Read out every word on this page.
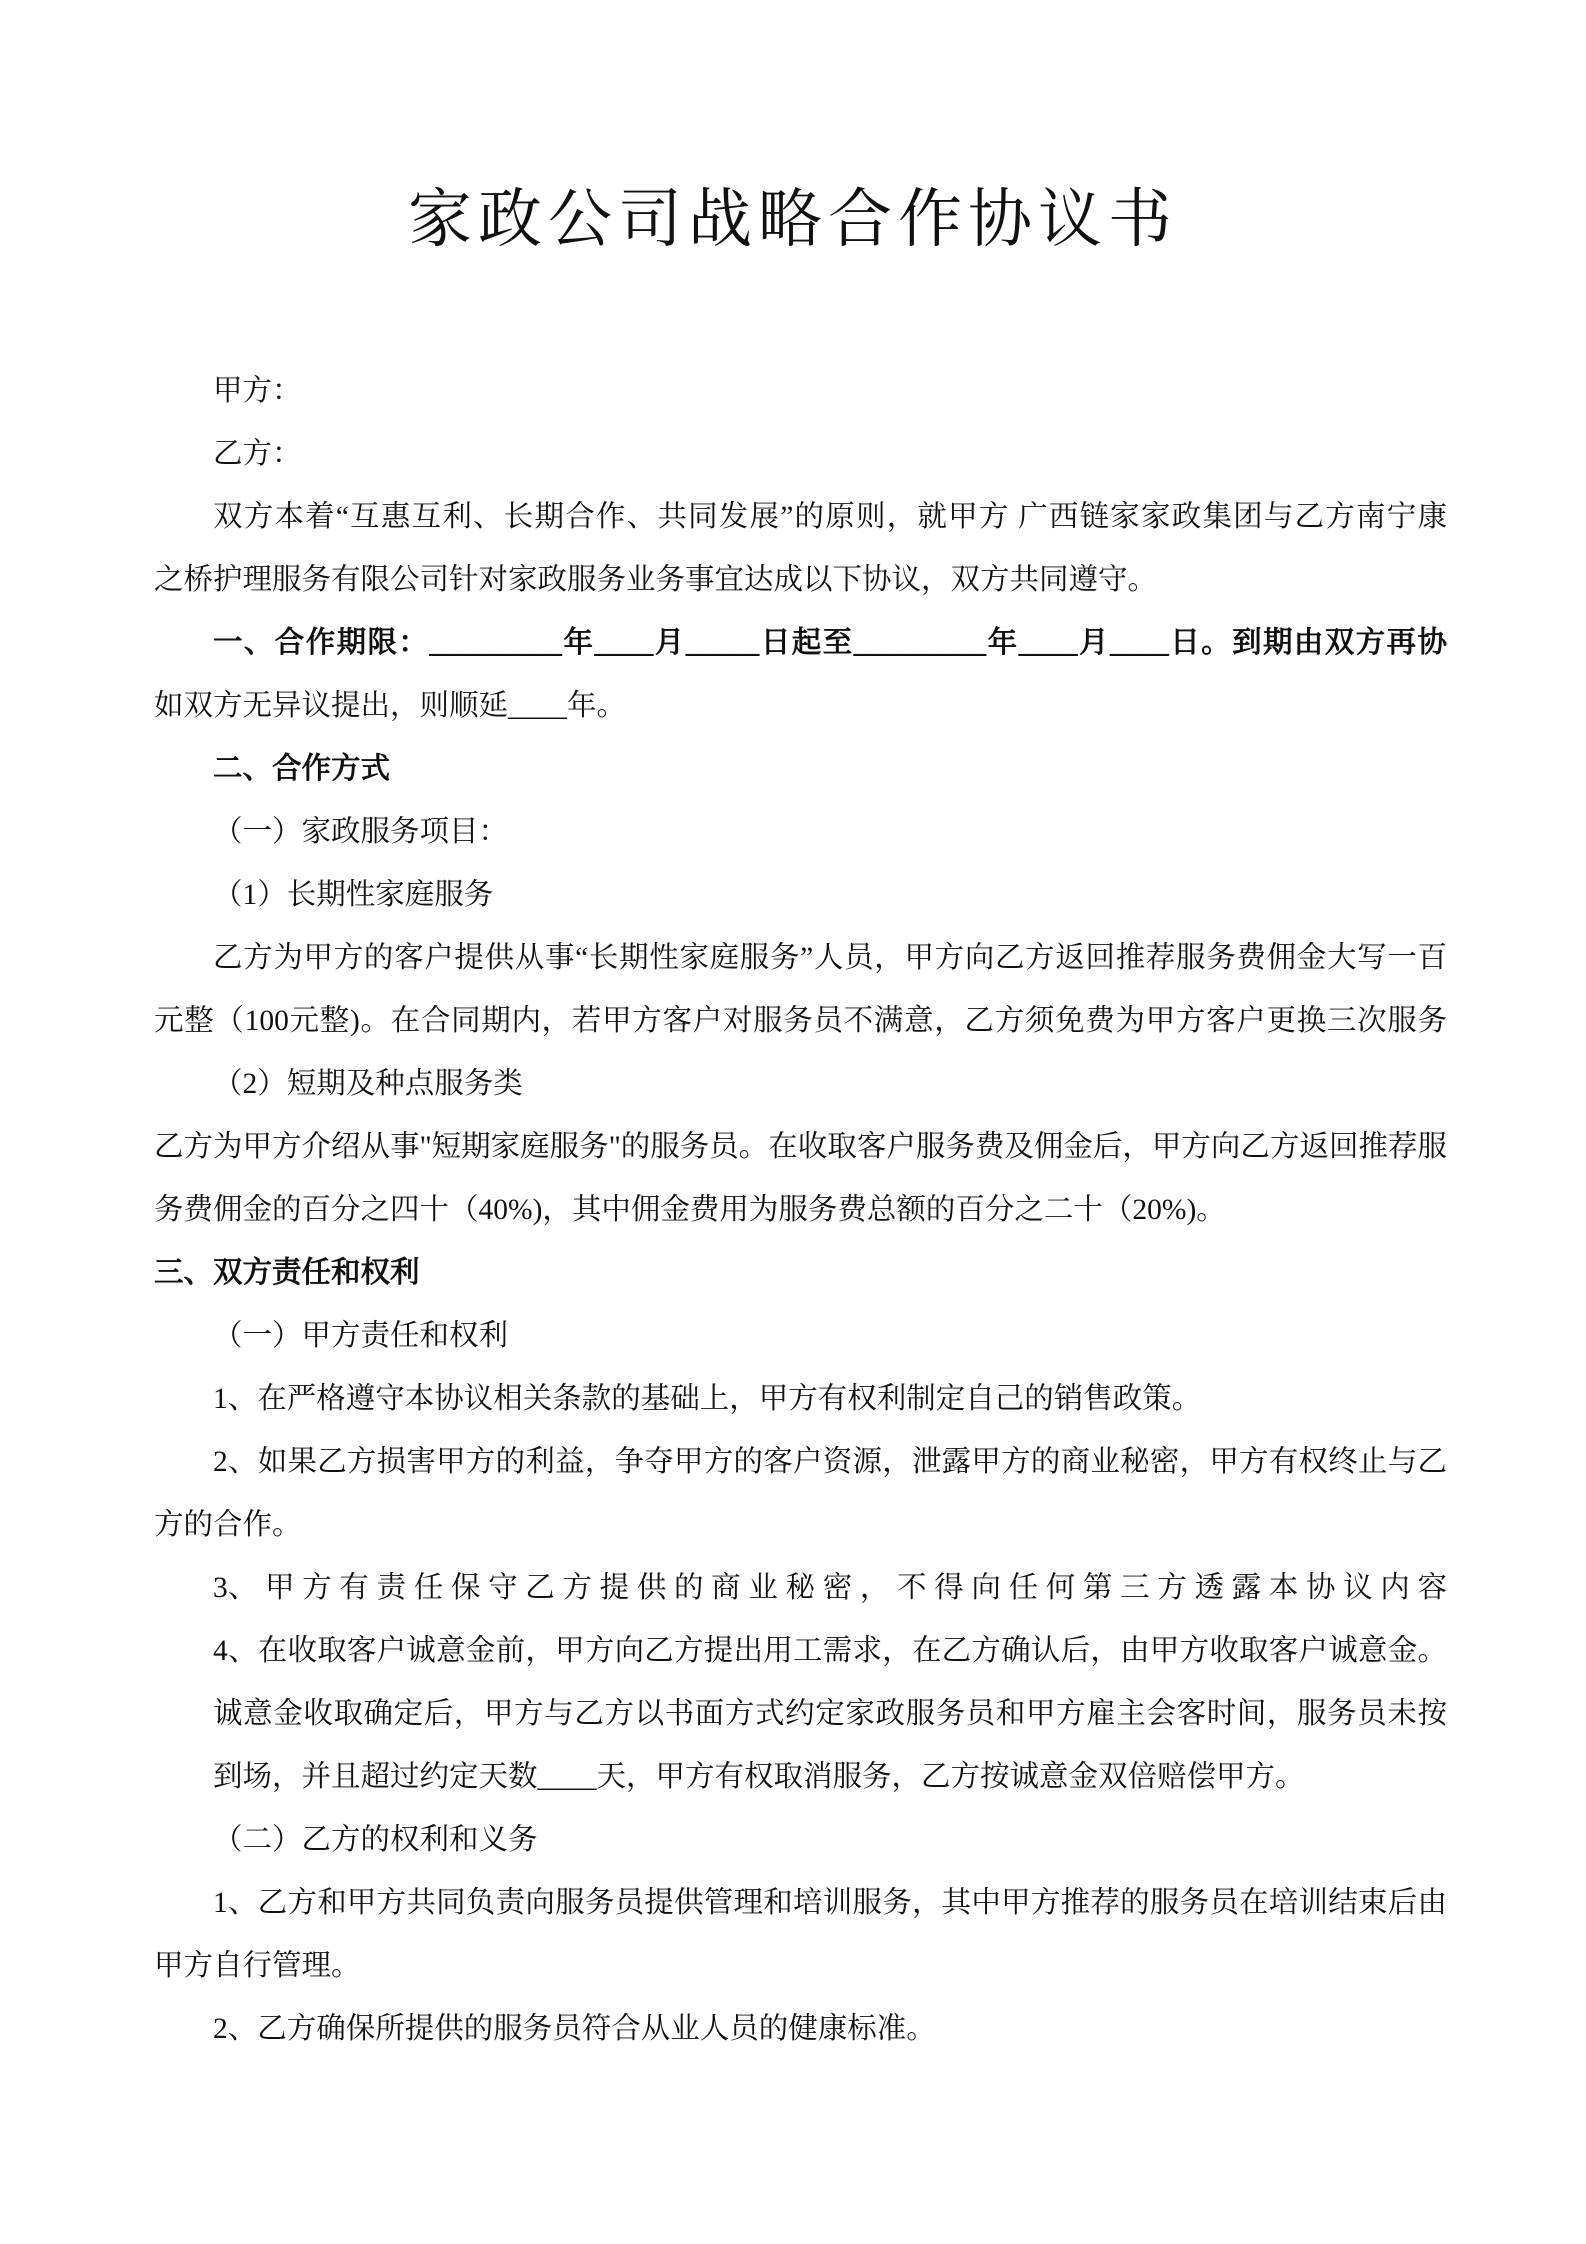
家政公司战略合作协议书
甲方：
乙方：
双方本着“互惠互利、长期合作、共同发展”的原则，就甲方 广西链家家政集团与乙方南宁康
之桥护理服务有限公司针对家政服务业务事宜达成以下协议，双方共同遵守。
一、合作期限：_________年____月_____日起至_________年____月____日。到期由双方再协
如双方无异议提出，则顺延____年。
二、合作方式
（一）家政服务项目：
（1）长期性家庭服务
乙方为甲方的客户提供从事“长期性家庭服务”人员，甲方向乙方返回推荐服务费佣金大写一百
元整（100元整)。在合同期内，若甲方客户对服务员不满意，乙方须免费为甲方客户更换三次服务
（2）短期及种点服务类
乙方为甲方介绍从事"短期家庭服务"的服务员。在收取客户服务费及佣金后，甲方向乙方返回推荐服
务费佣金的百分之四十（40%)，其中佣金费用为服务费总额的百分之二十（20%)。
三、双方责任和权利
（一）甲方责任和权利
1、在严格遵守本协议相关条款的基础上，甲方有权利制定自己的销售政策。
2、如果乙方损害甲方的利益，争夺甲方的客户资源，泄露甲方的商业秘密，甲方有权终止与乙
方的合作。
3、 甲 方 有 责 任 保 守 乙 方 提 供 的 商 业 秘 密 ， 不 得 向 任 何 第 三 方 透 露 本 协 议 内 容
4、在收取客户诚意金前，甲方向乙方提出用工需求，在乙方确认后，由甲方收取客户诚意金。
诚意金收取确定后，甲方与乙方以书面方式约定家政服务员和甲方雇主会客时间，服务员未按
到场，并且超过约定天数____天，甲方有权取消服务，乙方按诚意金双倍赔偿甲方。
（二）乙方的权利和义务
1、乙方和甲方共同负责向服务员提供管理和培训服务，其中甲方推荐的服务员在培训结束后由
甲方自行管理。
2、乙方确保所提供的服务员符合从业人员的健康标准。
